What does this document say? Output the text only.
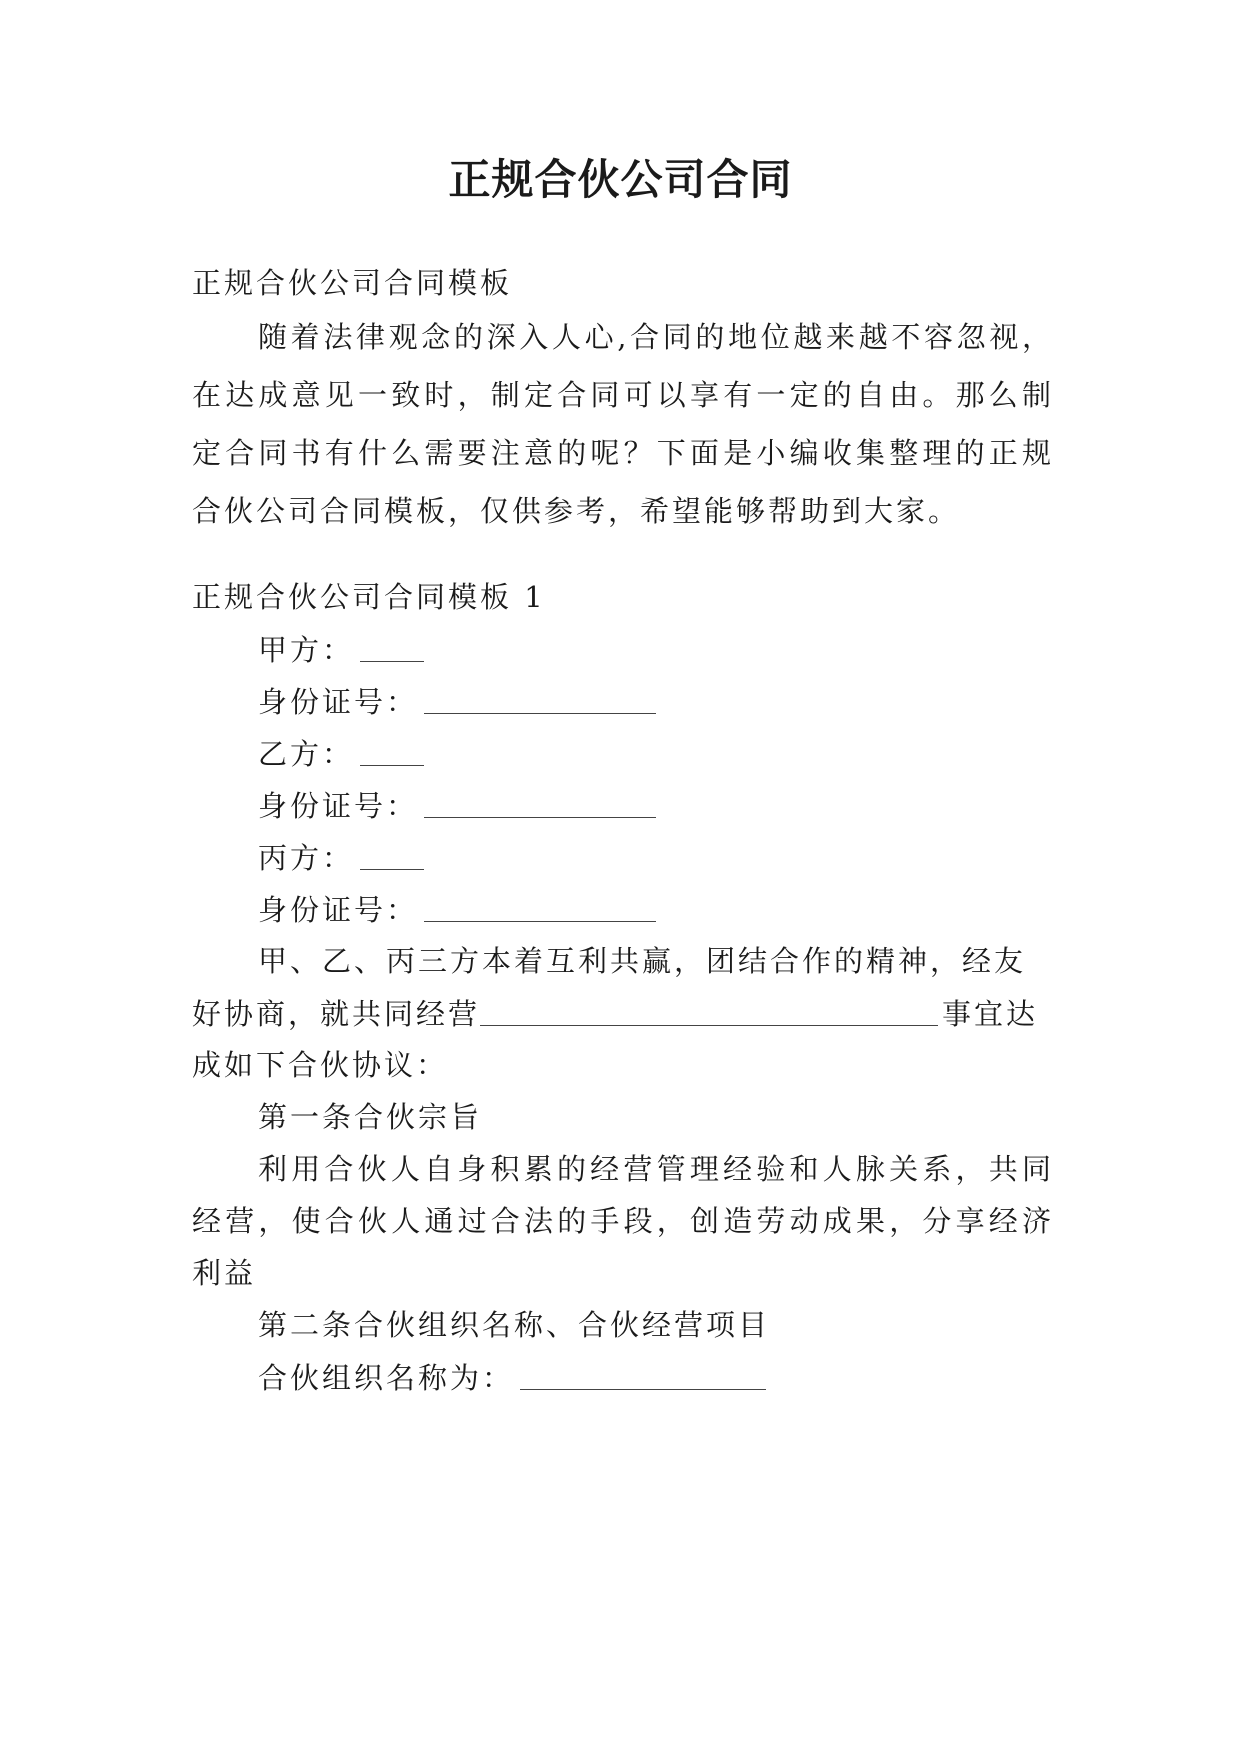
正规合伙公司合同
正规合伙公司合同模板
随着法律观念的深入人心,合同的地位越来越不容忽视，在达成意见一致时，制定合同可以享有一定的自由。那么制定合同书有什么需要注意的呢？下面是小编收集整理的正规合伙公司合同模板，仅供参考，希望能够帮助到大家。
正规合伙公司合同模板 1
甲方：
身份证号：
乙方：
身份证号：
丙方：
身份证号：
甲、乙、丙三方本着互利共赢，团结合作的精神，经友
好协商，就共同经营	事宜达
成如下合伙协议：
第一条合伙宗旨
利用合伙人自身积累的经营管理经验和人脉关系，共同经营，使合伙人通过合法的手段，创造劳动成果，分享经济利益
第二条合伙组织名称、合伙经营项目
合伙组织名称为：
